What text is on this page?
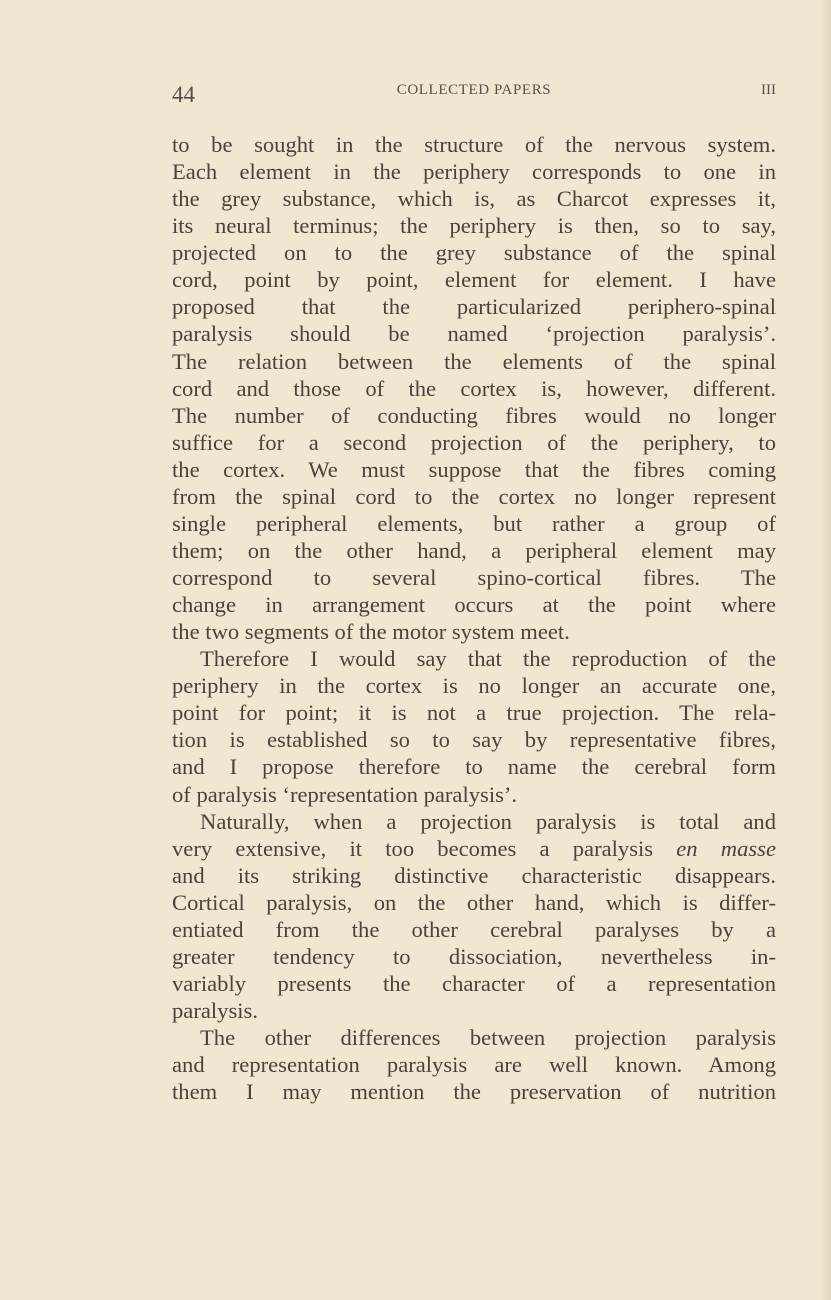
44	COLLECTED PAPERS	III
to be sought in the structure of the nervous system.
Each element in the periphery corresponds to one in
the grey substance, which is, as Charcot expresses it,
its neural terminus; the periphery is then, so to say,
projected on to the grey substance of the spinal
cord, point by point, element for element. I have
proposed that the particularized periphero-spinal
paralysis should be named ‘projection paralysis’.
The relation between the elements of the spinal
cord and those of the cortex is, however, different.
The number of conducting fibres would no longer
suffice for a second projection of the periphery, to
the cortex. We must suppose that the fibres coming
from the spinal cord to the cortex no longer represent
single peripheral elements, but rather a group of
them; on the other hand, a peripheral element may
correspond to several spino-cortical fibres. The
change in arrangement occurs at the point where
the two segments of the motor system meet.
Therefore I would say that the reproduction of the
periphery in the cortex is no longer an accurate one,
point for point; it is not a true projection. The rela-
tion is established so to say by representative fibres,
and I propose therefore to name the cerebral form
of paralysis ‘representation paralysis’.
Naturally, when a projection paralysis is total and
very extensive, it too becomes a paralysis en masse
and its striking distinctive characteristic disappears.
Cortical paralysis, on the other hand, which is differ-
entiated from the other cerebral paralyses by a
greater tendency to dissociation, nevertheless in-
variably presents the character of a representation
paralysis.
The other differences between projection paralysis
and representation paralysis are well known. Among
them I may mention the preservation of nutrition
